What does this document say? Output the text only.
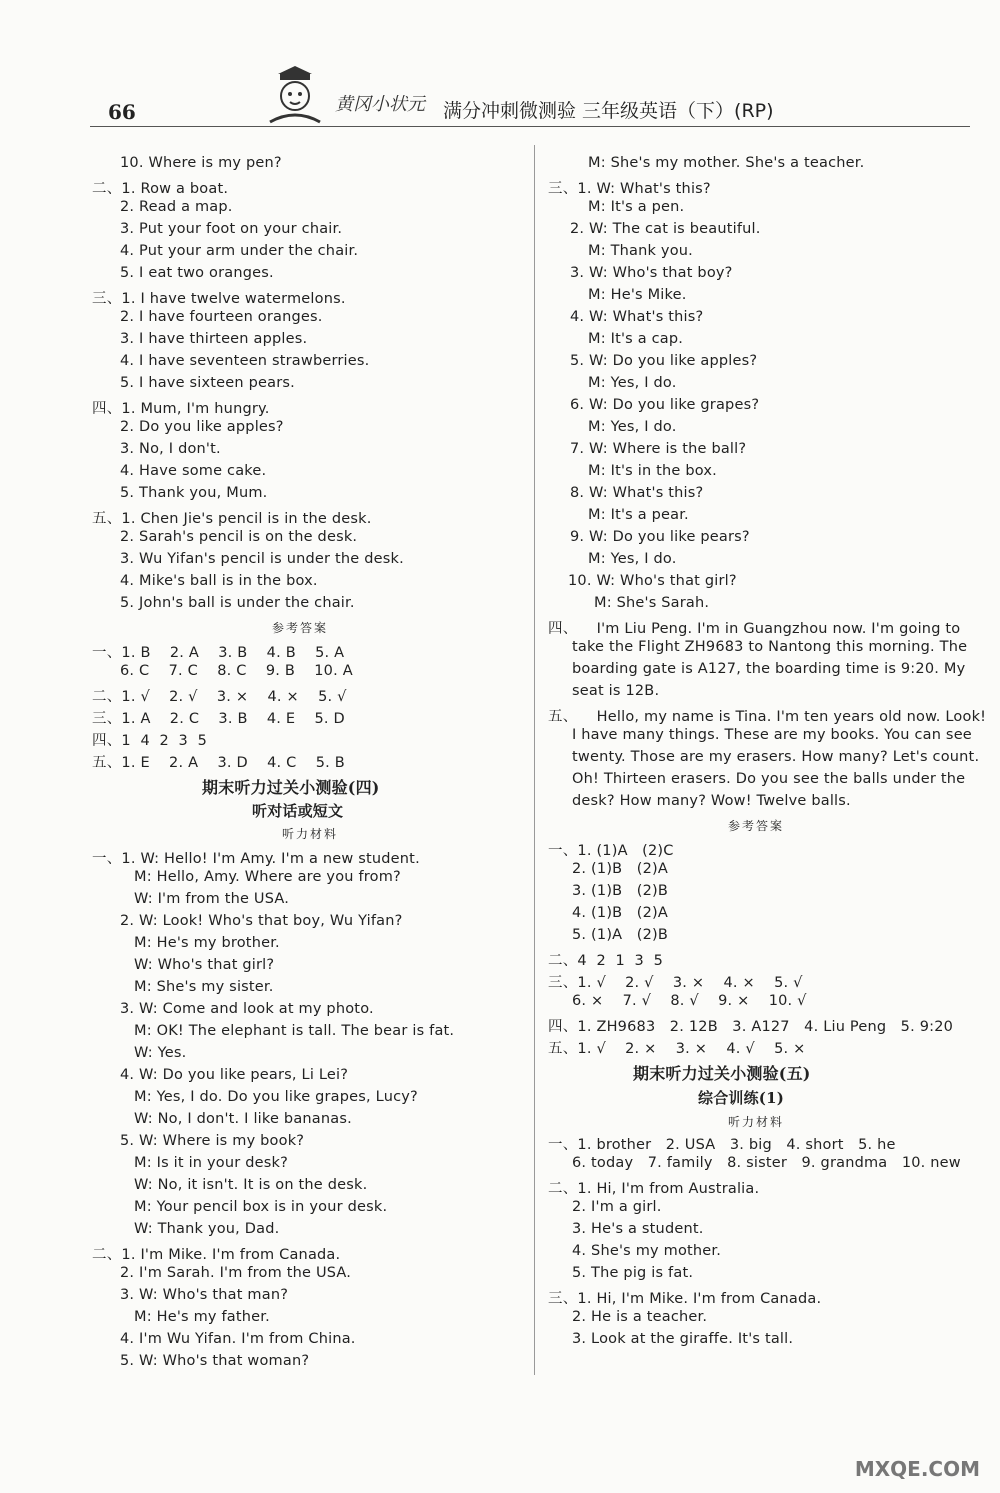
66	黄冈小状元 满分冲刺微测验 三年级英语（下）(RP)
10. Where is my pen?
二、1. Row a boat.
2. Read a map.
3. Put your foot on your chair.
4. Put your arm under the chair.
5. I eat two oranges.
三、1. I have twelve watermelons.
2. I have fourteen oranges.
3. I have thirteen apples.
4. I have seventeen strawberries.
5. I have sixteen pears.
四、1. Mum, I'm hungry.
2. Do you like apples?
3. No, I don't.
4. Have some cake.
5. Thank you, Mum.
五、1. Chen Jie's pencil is in the desk.
2. Sarah's pencil is on the desk.
3. Wu Yifan's pencil is under the desk.
4. Mike's ball is in the box.
5. John's ball is under the chair.
参考答案
一、1. B    2. A    3. B    4. B    5. A
6. C    7. C    8. C    9. B    10. A
二、1. √    2. √    3. ×    4. ×    5. √
三、1. A    2. C    3. B    4. E    5. D
四、1  4  2  3  5
五、1. E    2. A    3. D    4. C    5. B
期末听力过关小测验(四)
听对话或短文
听力材料
一、1. W: Hello! I'm Amy. I'm a new student.
M: Hello, Amy. Where are you from?
W: I'm from the USA.
2. W: Look! Who's that boy, Wu Yifan?
M: He's my brother.
W: Who's that girl?
M: She's my sister.
3. W: Come and look at my photo.
M: OK! The elephant is tall. The bear is fat.
W: Yes.
4. W: Do you like pears, Li Lei?
M: Yes, I do. Do you like grapes, Lucy?
W: No, I don't. I like bananas.
5. W: Where is my book?
M: Is it in your desk?
W: No, it isn't. It is on the desk.
M: Your pencil box is in your desk.
W: Thank you, Dad.
二、1. I'm Mike. I'm from Canada.
2. I'm Sarah. I'm from the USA.
3. W: Who's that man?
M: He's my father.
4. I'm Wu Yifan. I'm from China.
5. W: Who's that woman?
M: She's my mother. She's a teacher.
三、1. W: What's this?
M: It's a pen.
2. W: The cat is beautiful.
M: Thank you.
3. W: Who's that boy?
M: He's Mike.
4. W: What's this?
M: It's a cap.
5. W: Do you like apples?
M: Yes, I do.
6. W: Do you like grapes?
M: Yes, I do.
7. W: Where is the ball?
M: It's in the box.
8. W: What's this?
M: It's a pear.
9. W: Do you like pears?
M: Yes, I do.
10. W: Who's that girl?
M: She's Sarah.
四、    I'm Liu Peng. I'm in Guangzhou now. I'm going to
take the Flight ZH9683 to Nantong this morning. The
boarding gate is A127, the boarding time is 9:20. My
seat is 12B.
五、    Hello, my name is Tina. I'm ten years old now. Look!
I have many things. These are my books. You can see
twenty. Those are my erasers. How many? Let's count.
Oh! Thirteen erasers. Do you see the balls under the
desk? How many? Wow! Twelve balls.
参考答案
一、1. (1)A   (2)C
2. (1)B   (2)A
3. (1)B   (2)B
4. (1)B   (2)A
5. (1)A   (2)B
二、4  2  1  3  5
三、1. √    2. √    3. ×    4. ×    5. √
6. ×    7. √    8. √    9. ×    10. √
四、1. ZH9683   2. 12B   3. A127   4. Liu Peng   5. 9:20
五、1. √    2. ×    3. ×    4. √    5. ×
期末听力过关小测验(五)
综合训练(1)
听力材料
一、1. brother   2. USA   3. big   4. short   5. he
6. today   7. family   8. sister   9. grandma   10. new
二、1. Hi, I'm from Australia.
2. I'm a girl.
3. He's a student.
4. She's my mother.
5. The pig is fat.
三、1. Hi, I'm Mike. I'm from Canada.
2. He is a teacher.
3. Look at the giraffe. It's tall.
MXQE.COM
